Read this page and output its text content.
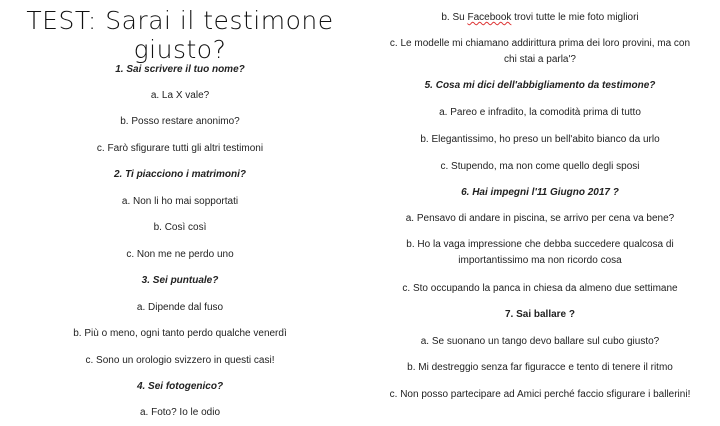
TEST: Sarai il testimone giusto?
1. Sai scrivere il tuo nome?
a. La X vale?
b. Posso restare anonimo?
c. Farò sfigurare tutti gli altri testimoni
2. Ti piacciono i matrimoni?
a. Non li ho mai sopportati
b. Così così
c. Non me ne perdo uno
3. Sei puntuale?
a. Dipende dal fuso
b. Più o meno, ogni tanto perdo qualche venerdì
c. Sono un orologio svizzero in questi casi!
4. Sei fotogenico?
a. Foto? Io le odio
b. Su Facebook trovi tutte le mie foto migliori
c. Le modelle mi chiamano addirittura prima dei loro provini, ma con
chi stai a parla'?
5. Cosa mi dici dell'abbigliamento da testimone?
a. Pareo e infradito, la comodità prima di tutto
b. Elegantissimo, ho preso un bell'abito bianco da urlo
c. Stupendo, ma non come quello degli sposi
6. Hai impegni l'11 Giugno 2017 ?
a. Pensavo di andare in piscina, se arrivo per cena va bene?
b. Ho la vaga impressione che debba succedere qualcosa di
importantissimo ma non ricordo cosa
c. Sto occupando la panca in chiesa da almeno due settimane
7. Sai ballare ?
a. Se suonano un tango devo ballare sul cubo giusto?
b. Mi destreggio senza far figuracce e tento di tenere il ritmo
c. Non posso partecipare ad Amici perché faccio sfigurare i ballerini!
